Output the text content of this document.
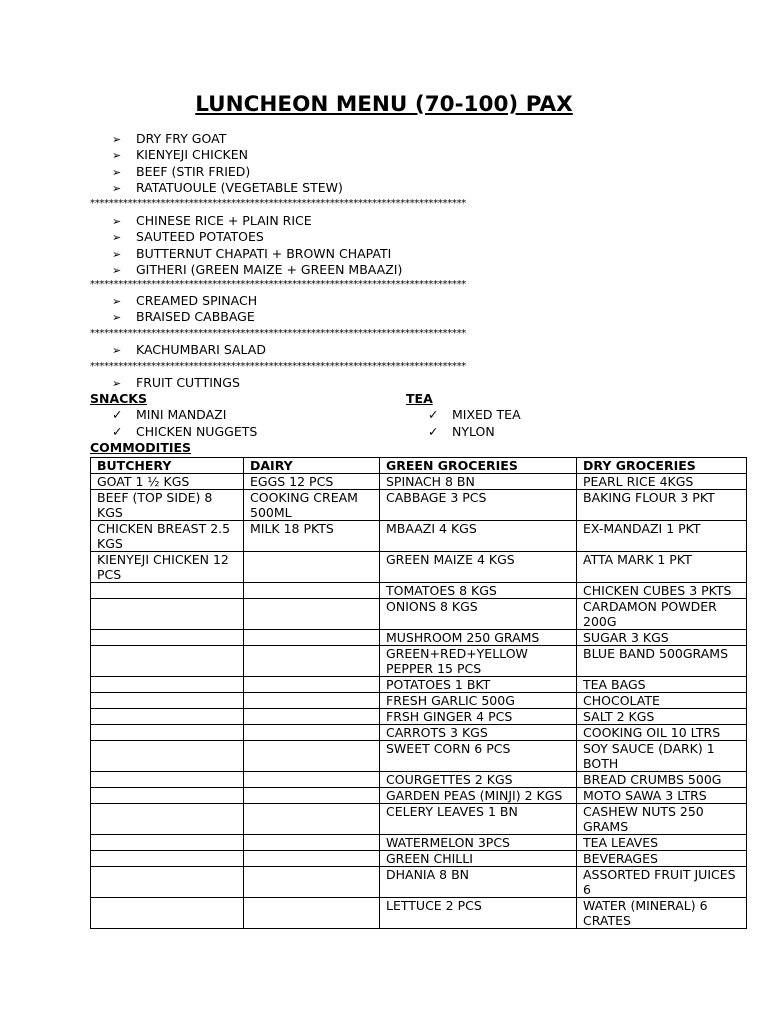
LUNCHEON MENU (70-100) PAX
➢ DRY FRY GOAT
➢ KIENYEJI CHICKEN
➢ BEEF (STIR FRIED)
➢ RATATUOULE (VEGETABLE STEW)
********************************************************************************
➢ CHINESE RICE + PLAIN RICE
➢ SAUTEED POTATOES
➢ BUTTERNUT CHAPATI + BROWN CHAPATI
➢ GITHERI (GREEN MAIZE + GREEN MBAAZI)
********************************************************************************
➢ CREAMED SPINACH
➢ BRAISED CABBAGE
********************************************************************************
➢ KACHUMBARI SALAD
********************************************************************************
➢ FRUIT CUTTINGS
SNACKS
✓ MINI MANDAZI
✓ CHICKEN NUGGETS
TEA
✓ MIXED TEA
✓ NYLON
COMMODITIES
BUTCHERY	DAIRY	GREEN GROCERIES	DRY GROCERIES
GOAT 1 ½ KGS	EGGS 12 PCS	SPINACH 8 BN	PEARL RICE 4KGS
BEEF (TOP SIDE) 8 KGS	COOKING CREAM 500ML	CABBAGE 3 PCS	BAKING FLOUR 3 PKT
CHICKEN BREAST 2.5 KGS	MILK 18 PKTS	MBAAZI 4 KGS	EX-MANDAZI 1 PKT
KIENYEJI CHICKEN 12 PCS		GREEN MAIZE 4 KGS	ATTA MARK 1 PKT
		TOMATOES 8 KGS	CHICKEN CUBES 3 PKTS
		ONIONS 8 KGS	CARDAMON POWDER 200G
		MUSHROOM 250 GRAMS	SUGAR 3 KGS
		GREEN+RED+YELLOW PEPPER 15 PCS	BLUE BAND 500GRAMS
		POTATOES 1 BKT	TEA BAGS
		FRESH GARLIC 500G	CHOCOLATE
		FRSH GINGER 4 PCS	SALT 2 KGS
		CARROTS 3 KGS	COOKING OIL 10 LTRS
		SWEET CORN 6 PCS	SOY SAUCE (DARK) 1 BOTH
		COURGETTES 2 KGS	BREAD CRUMBS 500G
		GARDEN PEAS (MINJI) 2 KGS	MOTO SAWA 3 LTRS
		CELERY LEAVES 1 BN	CASHEW NUTS 250 GRAMS
		WATERMELON 3PCS	TEA LEAVES
		GREEN CHILLI	BEVERAGES
		DHANIA 8 BN	ASSORTED FRUIT JUICES 6
		LETTUCE 2 PCS	WATER (MINERAL) 6 CRATES
